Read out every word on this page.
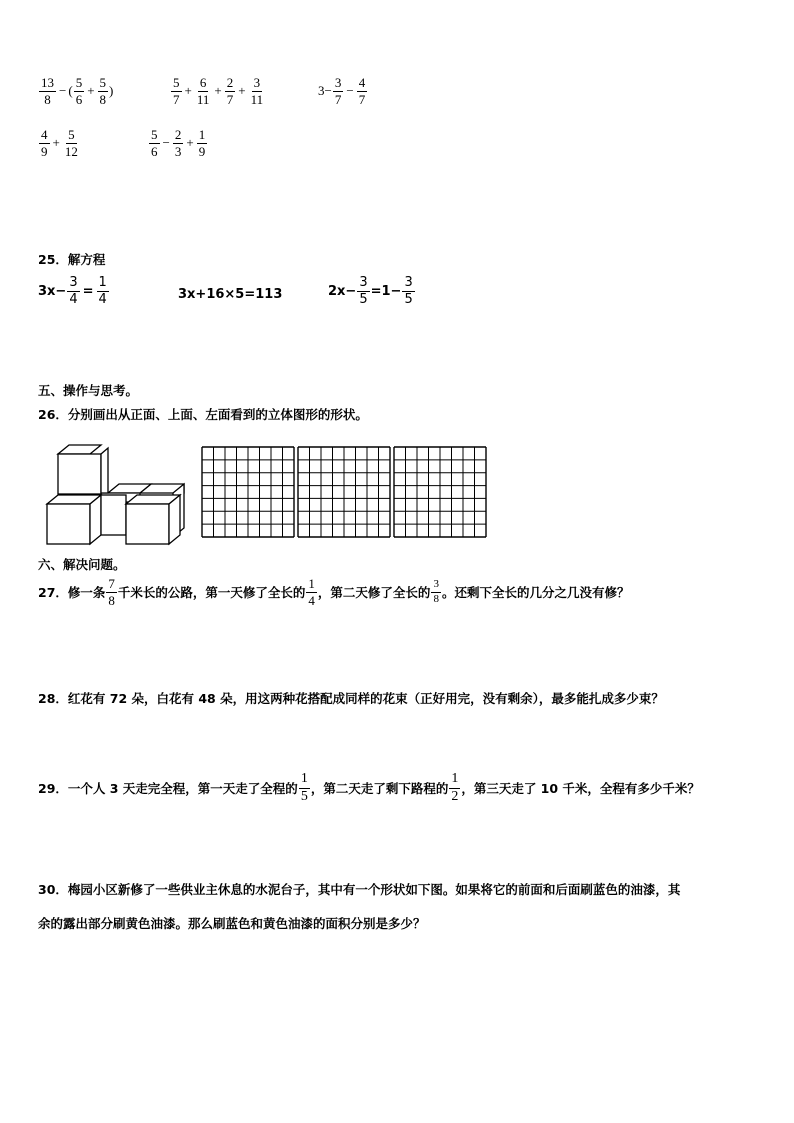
$\frac{13}{8}$ − ( $\frac{5}{6} + \frac{5}{8}$ )	$\frac{5}{7} + \frac{6}{11} + \frac{2}{7} + \frac{3}{11}$	$3- \frac{3}{7} - \frac{4}{7}$
$\frac{4}{9} + \frac{5}{12}$	$\frac{5}{6} - \frac{2}{3} + \frac{1}{9}$
25．解方程
$3x- \frac{3}{4} = \frac{1}{4}$	3x+16×5=113	$2x- \frac{3}{5} =1- \frac{3}{5}$
五、操作与思考。
26．分别画出从正面、上面、左面看到的立体图形的形状。
六、解决问题。
27．修一条 $\frac{7}{8}$ 千米长的公路，第一天修了全长的 $\frac{1}{4}$ ，第二天修了全长的 $\frac{3}{8}$ 。还剩下全长的几分之几没有修？
28．红花有 72 朵，白花有 48 朵，用这两种花搭配成同样的花束（正好用完，没有剩余），最多能扎成多少束？
29．一个人 3 天走完全程，第一天走了全程的 $\frac{1}{5}$ ，第二天走了剩下路程的 $\frac{1}{2}$ ，第三天走了 10 千米，全程有多少千米？
30．梅园小区新修了一些供业主休息的水泥台子，其中有一个形状如下图。如果将它的前面和后面刷蓝色的油漆，其
余的露出部分刷黄色油漆。那么刷蓝色和黄色油漆的面积分别是多少？
